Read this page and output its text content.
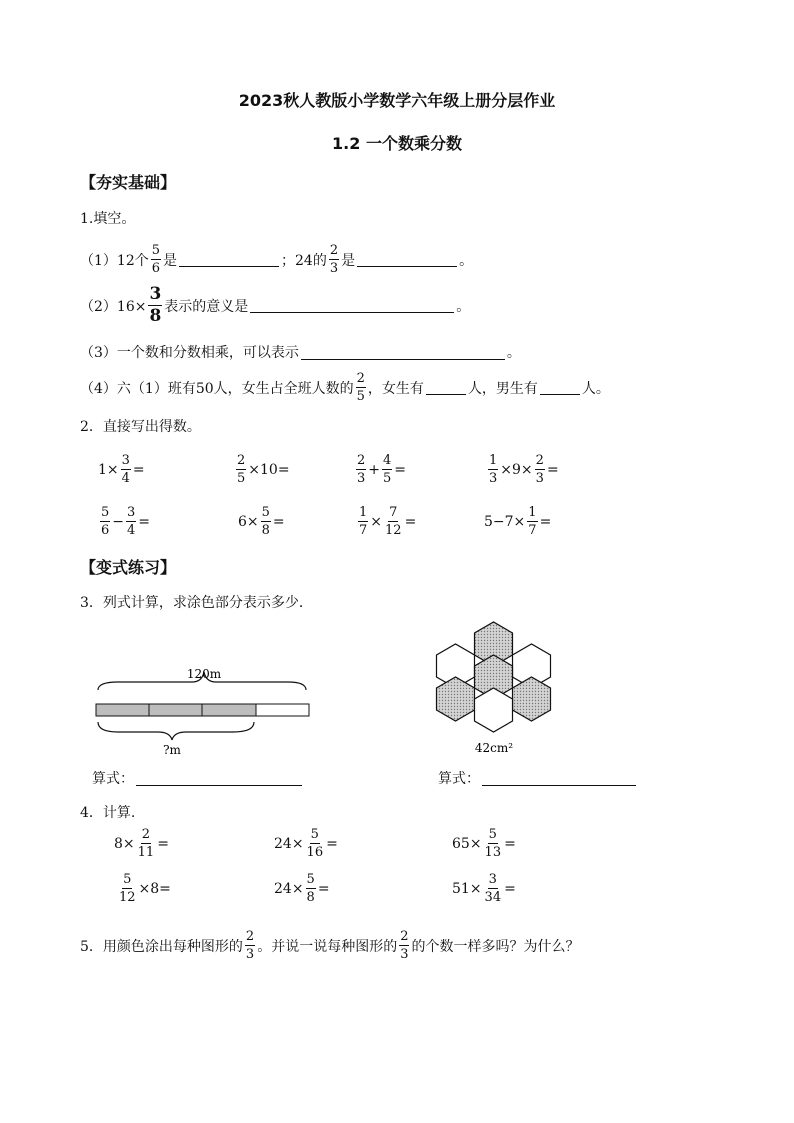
2023秋人教版小学数学六年级上册分层作业
1.2 一个数乘分数
【夯实基础】
1.填空。
（1）12个 $\frac{5}{6}$ 是	；24的 $\frac{2}{3}$ 是	。
$(2)16\times \frac{3}{8}$ 表示的意义是	。
（3）一个数和分数相乘，可以表示	。
（4）六（1）班有50人，女生占全班人数的 $\frac{2}{5}$ ，女生有	人，男生有	人。
2．直接写出得数。
$1\times \frac{3}{4}$ =	$\frac{2}{5} \times 10=$	$\frac{2}{3} + \frac{4}{5}$ =	$\frac{1}{3} \times 9\times \frac{2}{3}$ =
$\frac{5}{6} - \frac{3}{4}$ =	$6\times \frac{5}{8}$ =	$\frac{1}{7} \times \frac{7}{12}$ =	$5-7\times \frac{1}{7}$ =
【变式练习】
3．列式计算，求涂色部分表示多少．
120m
?m	42cm²
算式：	算式：
4．计算.
$8\times \frac{2}{11}$ =	$24\times \frac{5}{16}$ =	$65\times \frac{5}{13}$ =
$\frac{5}{12} \times 8=$	$24\times \frac{5}{8}$ =	$51\times \frac{3}{34}$ =
5．用颜色涂出每种图形的 $\frac{2}{3}$ 。并说一说每种图形的 $\frac{2}{3}$ 的个数一样多吗？为什么？
